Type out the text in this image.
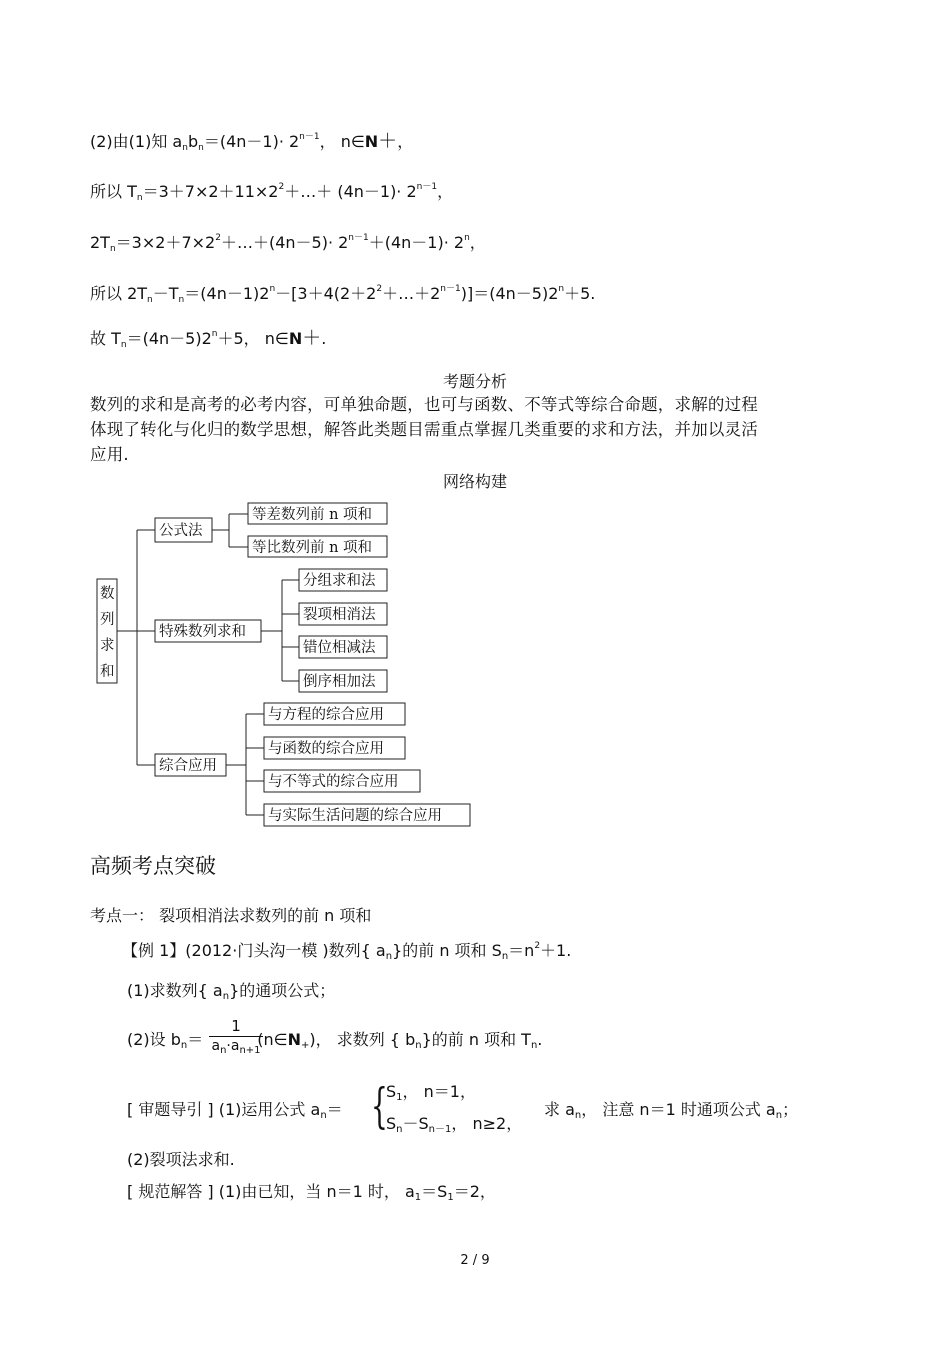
(2)由(1)知 $a_nb_n=(4n-1)\cdot 2^{n-1}$， n∈N＋，
所以 $T_n=3+7\times 2+11\times 2^2+\dots+ (4n-1)\cdot 2^{n-1}$，
$2T_n=3\times 2+7\times 2^2+\dots+(4n-5)\cdot 2^{n-1}+(4n-1)\cdot 2^n$，
所以 $2T_n-T_n=(4n-1)2^n-[3+4(2+2^2+\dots+2^{n-1})]=(4n-5)2^n+5$.
故 $T_n=(4n-5)2^n+5$， n∈N＋.
考题分析
数列的求和是高考的必考内容，可单独命题，也可与函数、不等式等综合命题，求解的过程
体现了转化与化归的数学思想，解答此类题目需重点掌握几类重要的求和方法，并加以灵活
应用.
网络构建
数
列
求
和
公式法
等差数列前 n 项和
等比数列前 n 项和
特殊数列求和
分组求和法
裂项相消法
错位相减法
倒序相加法
综合应用
与方程的综合应用
与函数的综合应用
与不等式的综合应用
与实际生活问题的综合应用
高频考点突破
考点一： 裂项相消法求数列的前 n 项和
【例 1】(2012·门头沟一模 )数列{ $a_n$}的前 n 项和 $S_n=n^2+1$.
(1)求数列{ $a_n$}的通项公式；
(2)设 $b_n=$	$(n\in N_+)$， 求数列 { $b_n$}的前 n 项和 $T_n$.
1
$a_n\cdot a_{n+1}$
[ 审题导引 ] (1)运用公式 $a_n=$ {
$S_1$， n＝1，
$S_n-S_{n-1}$， n≥2，
求 $a_n$， 注意 n＝1 时通项公式 $a_n$；
(2)裂项法求和.
[ 规范解答 ] (1)由已知，当 n＝1 时， $a_1=S_1=2$，
2 / 9
